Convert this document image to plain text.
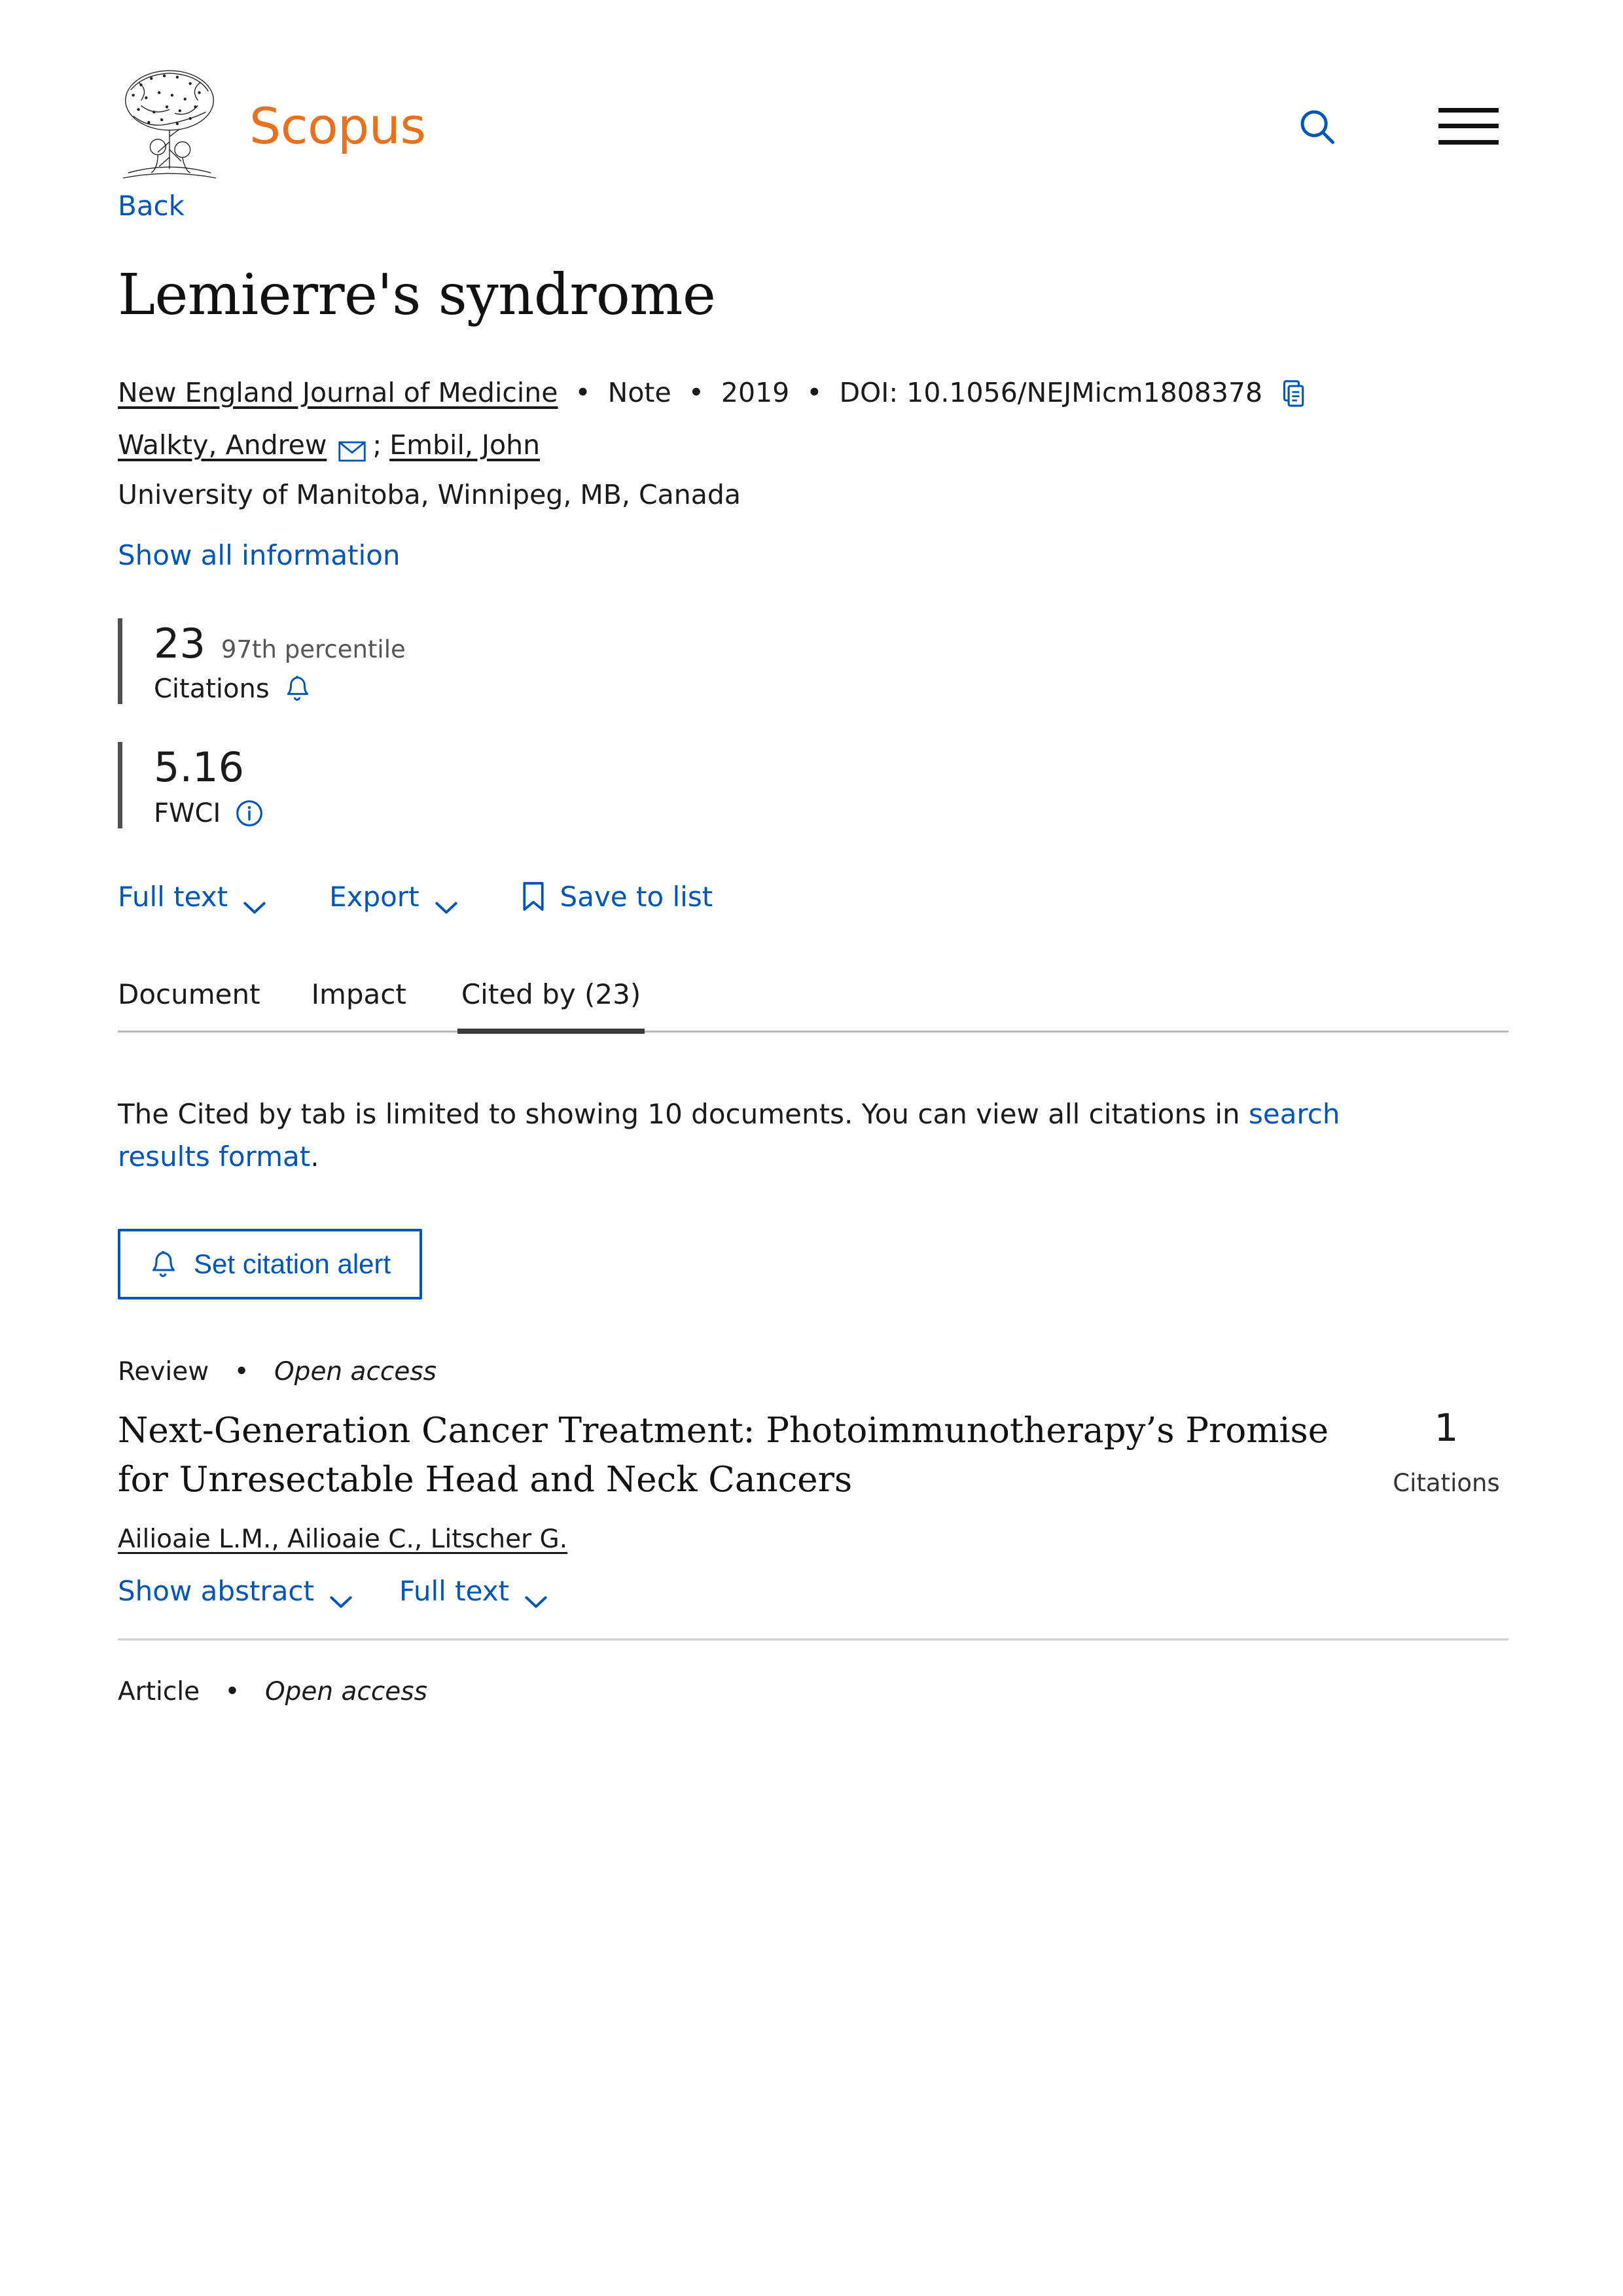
Scopus
Back
Lemierre's syndrome
New England Journal of Medicine • Note • 2019 • DOI: 10.1056/NEJMicm1808378
Walkty, Andrew ; Embil, John
University of Manitoba, Winnipeg, MB, Canada
Show all information
23 97th percentile
Citations
5.16
FWCI
Full text	Export	Save to list
Document Impact Cited by (23)
The Cited by tab is limited to showing 10 documents. You can view all citations in search results format.
Set citation alert
Review • Open access
Next-Generation Cancer Treatment: Photoimmunotherapy’s Promise for Unresectable Head and Neck Cancers
Ailioaie L.M., Ailioaie C., Litscher G.
Show abstract	Full text
1
Citations
Article • Open access
